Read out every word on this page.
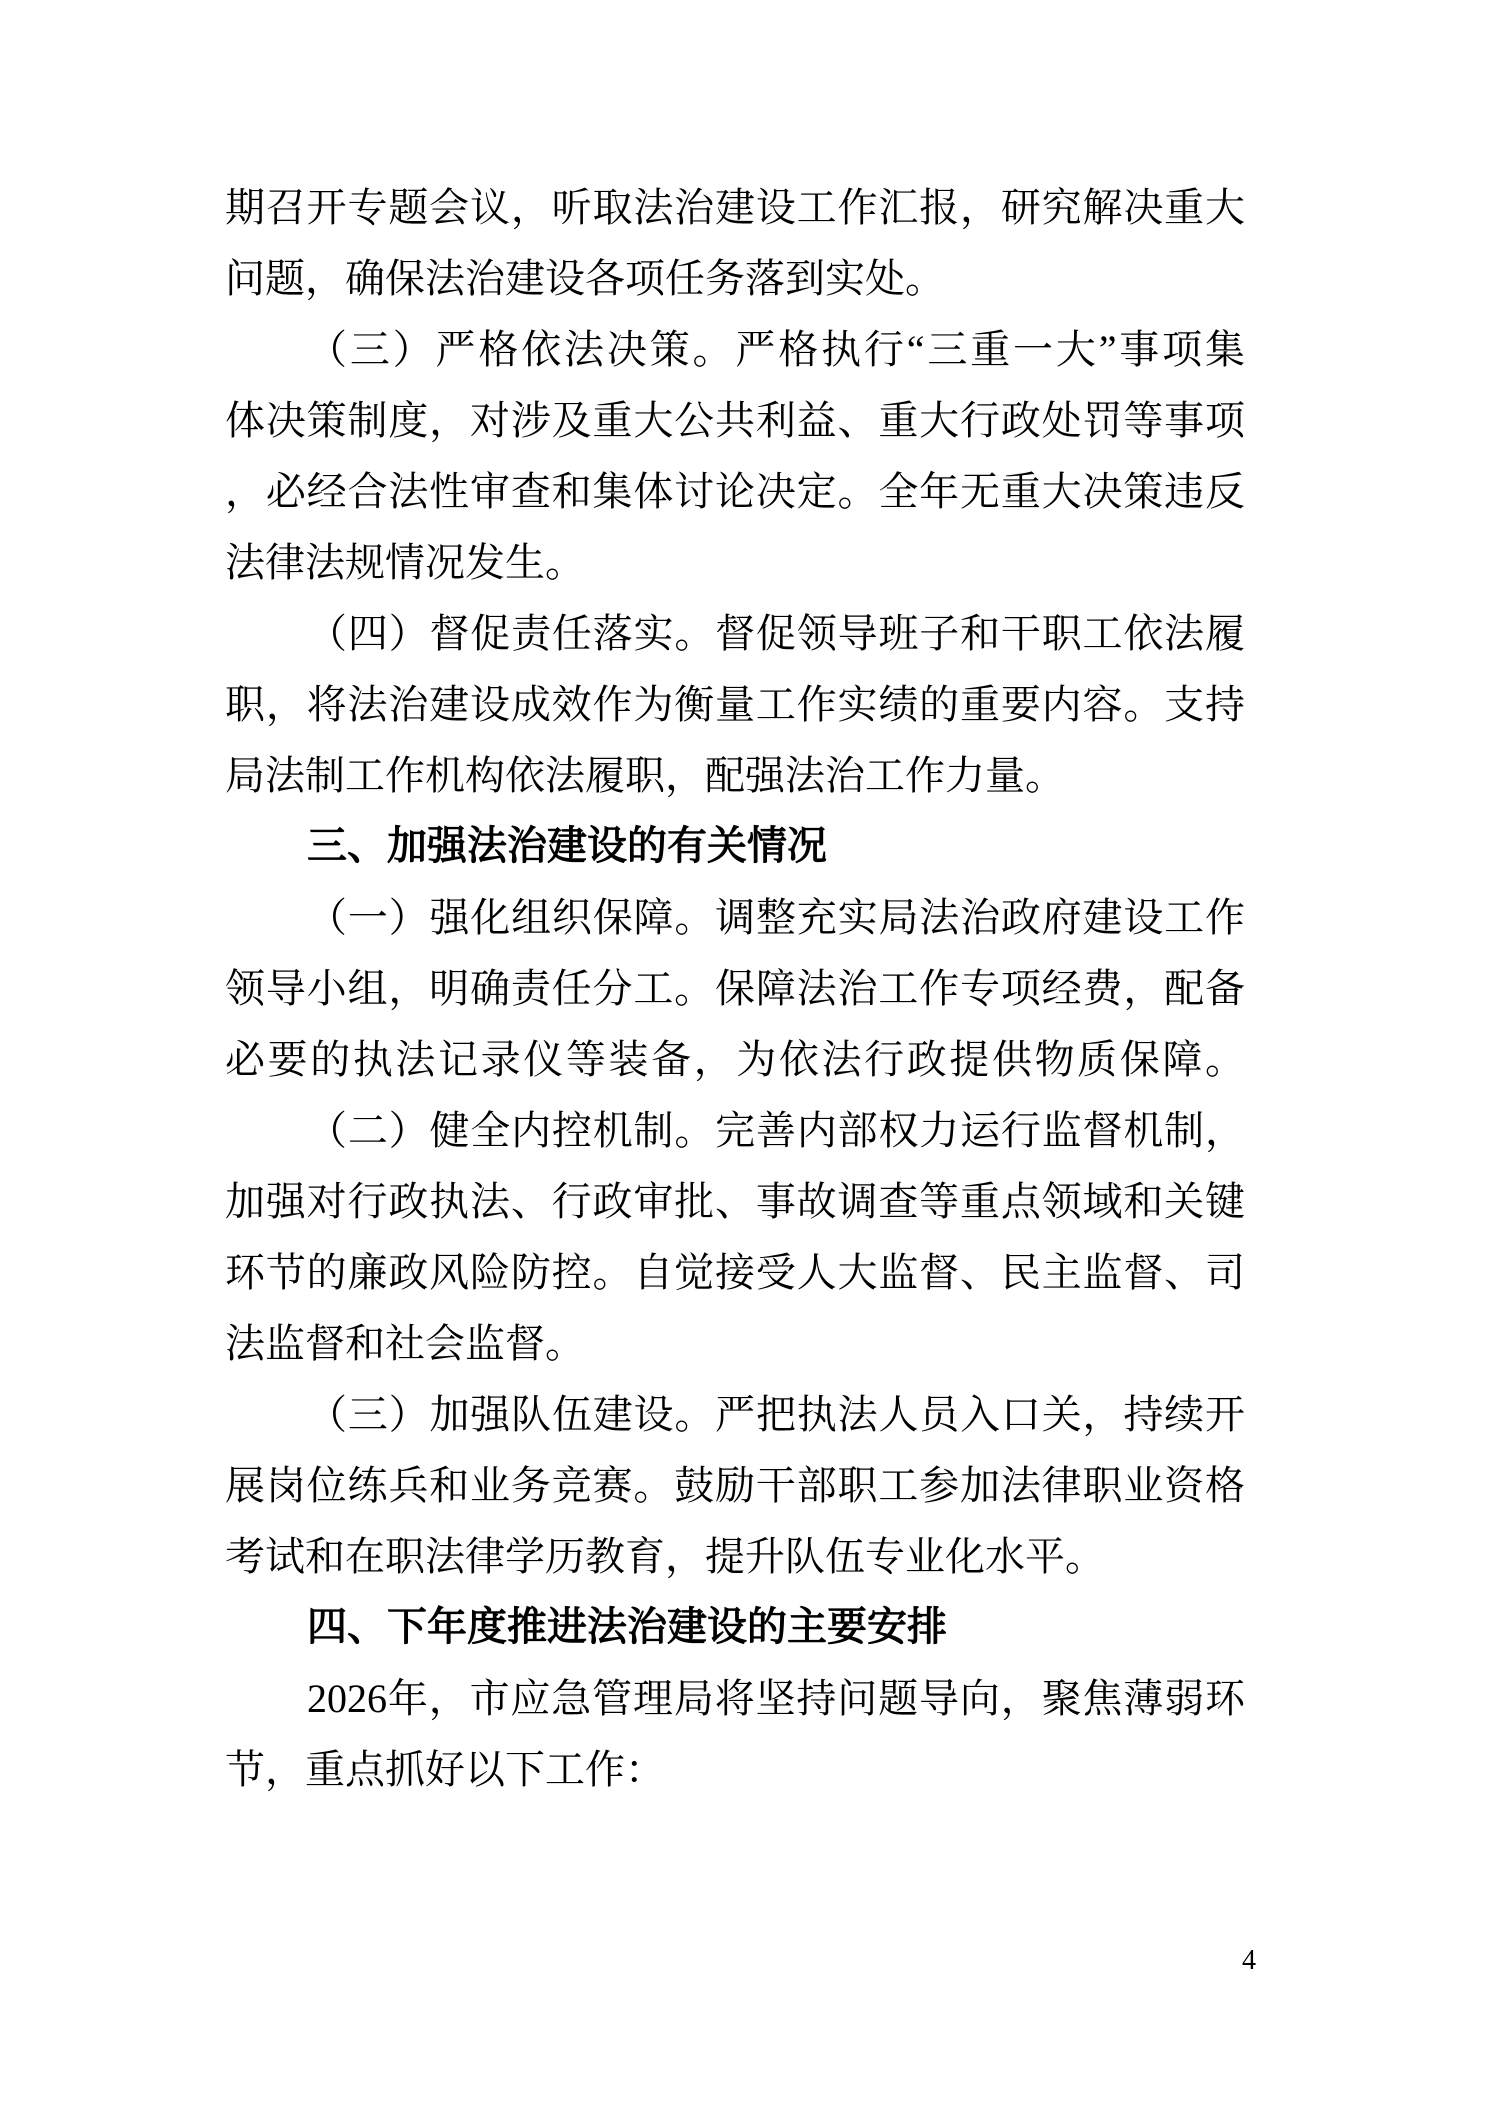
期召开专题会议，听取法治建设工作汇报，研究解决重大
问题，确保法治建设各项任务落到实处。
（三）严格依法决策。严格执行“三重一大”事项集
体决策制度，对涉及重大公共利益、重大行政处罚等事项
，必经合法性审查和集体讨论决定。全年无重大决策违反
法律法规情况发生。
（四）督促责任落实。督促领导班子和干职工依法履
职，将法治建设成效作为衡量工作实绩的重要内容。支持
局法制工作机构依法履职，配强法治工作力量。
三、加强法治建设的有关情况
（一）强化组织保障。调整充实局法治政府建设工作
领导小组，明确责任分工。保障法治工作专项经费，配备
必要的执法记录仪等装备，为依法行政提供物质保障。
（二）健全内控机制。完善内部权力运行监督机制，
加强对行政执法、行政审批、事故调查等重点领域和关键
环节的廉政风险防控。自觉接受人大监督、民主监督、司
法监督和社会监督。
（三）加强队伍建设。严把执法人员入口关，持续开
展岗位练兵和业务竞赛。鼓励干部职工参加法律职业资格
考试和在职法律学历教育，提升队伍专业化水平。
四、下年度推进法治建设的主要安排
2026年，市应急管理局将坚持问题导向，聚焦薄弱环
节，重点抓好以下工作：
4
